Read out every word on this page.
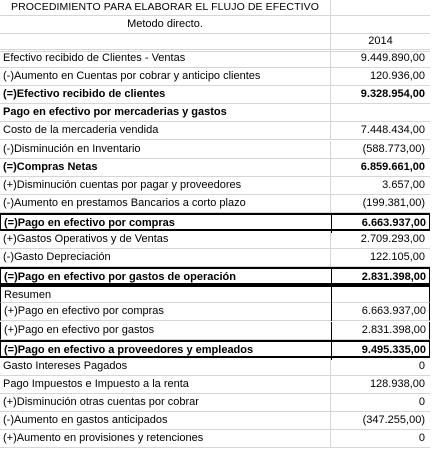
PROCEDIMIENTO PARA ELABORAR EL FLUJO DE EFECTIVO
Metodo directo.
2014
Efectivo recibido de Clientes - Ventas	9.449.890,00
(-)Aumento en Cuentas por cobrar y anticipo clientes	120.936,00
(=)Efectivo recibido de clientes	9.328.954,00
Pago en efectivo por mercaderias y gastos
Costo de la mercaderia vendida	7.448.434,00
(-)Disminución en Inventario	(588.773,00)
(=)Compras Netas	6.859.661,00
(+)Disminución cuentas por pagar y proveedores	3.657,00
(-)Aumento en prestamos Bancarios a corto plazo	(199.381,00)
(=)Pago en efectivo por compras	6.663.937,00
(+)Gastos Operativos y de Ventas	2.709.293,00
(-)Gasto Depreciación	122.105,00
(=)Pago en efectivo por gastos de operación	2.831.398,00
Resumen
(+)Pago en efectivo por compras	6.663.937,00
(+)Pago en efectivo por gastos	2.831.398,00
(=)Pago en efectivo a proveedores y empleados	9.495.335,00
Gasto Intereses Pagados	0
Pago Impuestos e Impuesto a la renta	128.938,00
(+)Disminución otras cuentas por cobrar	0
(-)Aumento en gastos anticipados	(347.255,00)
(+)Aumento en provisiones y retenciones	0
